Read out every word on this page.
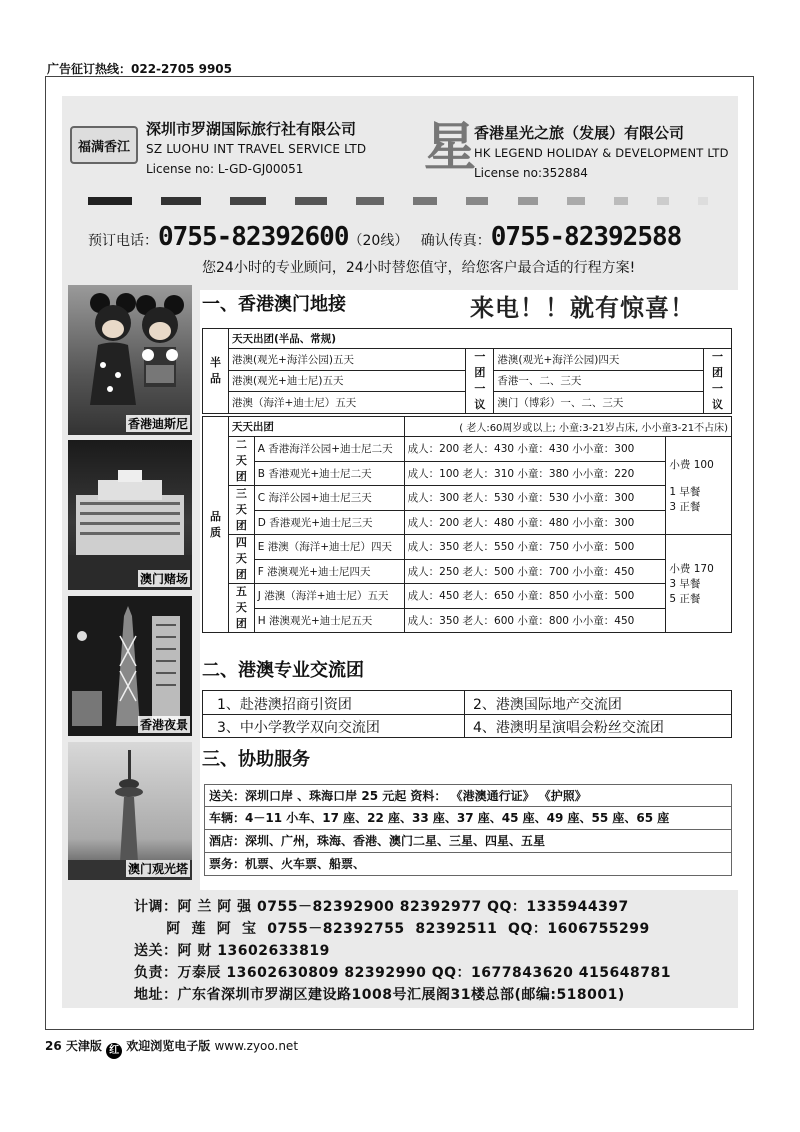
广告征订热线：022-2705 9905
福满香江
深圳市罗湖国际旅行社有限公司
SZ LUOHU INT TRAVEL SERVICE LTD
License no: L-GD-GJ00051 星
香港星光之旅（发展）有限公司
HK LEGEND HOLIDAY & DEVELOPMENT LTD
License no:352884
预订电话：0755-82392600（20线） 确认传真：0755-82392588
您24小时的专业顾问，24小时替您值守，给您客户最合适的行程方案!
香港迪斯尼
澳门赌场
香港夜景
澳门观光塔
一、香港澳门地接	来电！！就有惊喜！
半品	天天出团(半品、常规)			
	港澳(观光+海洋公园)五天	一团一议	港澳(观光+海洋公园)四天	一团一议
	港澳(观光+迪士尼)五天		香港一、二、三天	
	港澳（海洋+迪士尼）五天		澳门（博彩）一、二、三天	
品质	天天出团		( 老人:60周岁或以上; 小童:3-21岁占床, 小小童3-21不占床)	
	二天团	A 香港海洋公园+迪士尼二天	成人：200 老人：430 小童：430 小小童：300	小费 100

1 早餐
3 正餐

		B 香港观光+迪士尼二天	成人：100 老人：310 小童：380 小小童：220	
	三天团	C 海洋公园+迪士尼三天	成人：300 老人：530 小童：530 小小童：300	
		D 香港观光+迪士尼三天	成人：200 老人：480 小童：480 小小童：300	
	四天团	E 港澳（海洋+迪士尼）四天	成人：350 老人：550 小童：750 小小童：500	小费 170
3 早餐
5 正餐

		F 港澳观光+迪士尼四天	成人：250 老人：500 小童：700 小小童：450	
	五天团	J 港澳（海洋+迪士尼）五天	成人：450 老人：650 小童：850 小小童：500	
		H 港澳观光+迪士尼五天	成人：350 老人：600 小童：800 小小童：450	
二、港澳专业交流团
1、赴港澳招商引资团	2、港澳国际地产交流团
3、中小学教学双向交流团	4、港澳明星演唱会粉丝交流团
三、协助服务
送关：深圳口岸 、珠海口岸 25 元起 资料： 《港澳通行证》 《护照》
车辆：4－11 小车、17 座、22 座、33 座、37 座、45 座、49 座、55 座、65 座
酒店：深圳、广州，珠海、香港、澳门二星、三星、四星、五星
票务：机票、火车票、船票、
计调：阿 兰 阿 强 0755－82392900 82392977 QQ：1335944397
阿  莲  阿  宝  0755－82392755  82392511  QQ：1606755299
送关：阿 财 13602633819
负责：万泰辰 13602630809 82392990 QQ：1677843620 415648781
地址：广东省深圳市罗湖区建设路1008号汇展阁31楼总部(邮编:518001)
26 天津版 红 欢迎浏览电子版 www.zyoo.net
